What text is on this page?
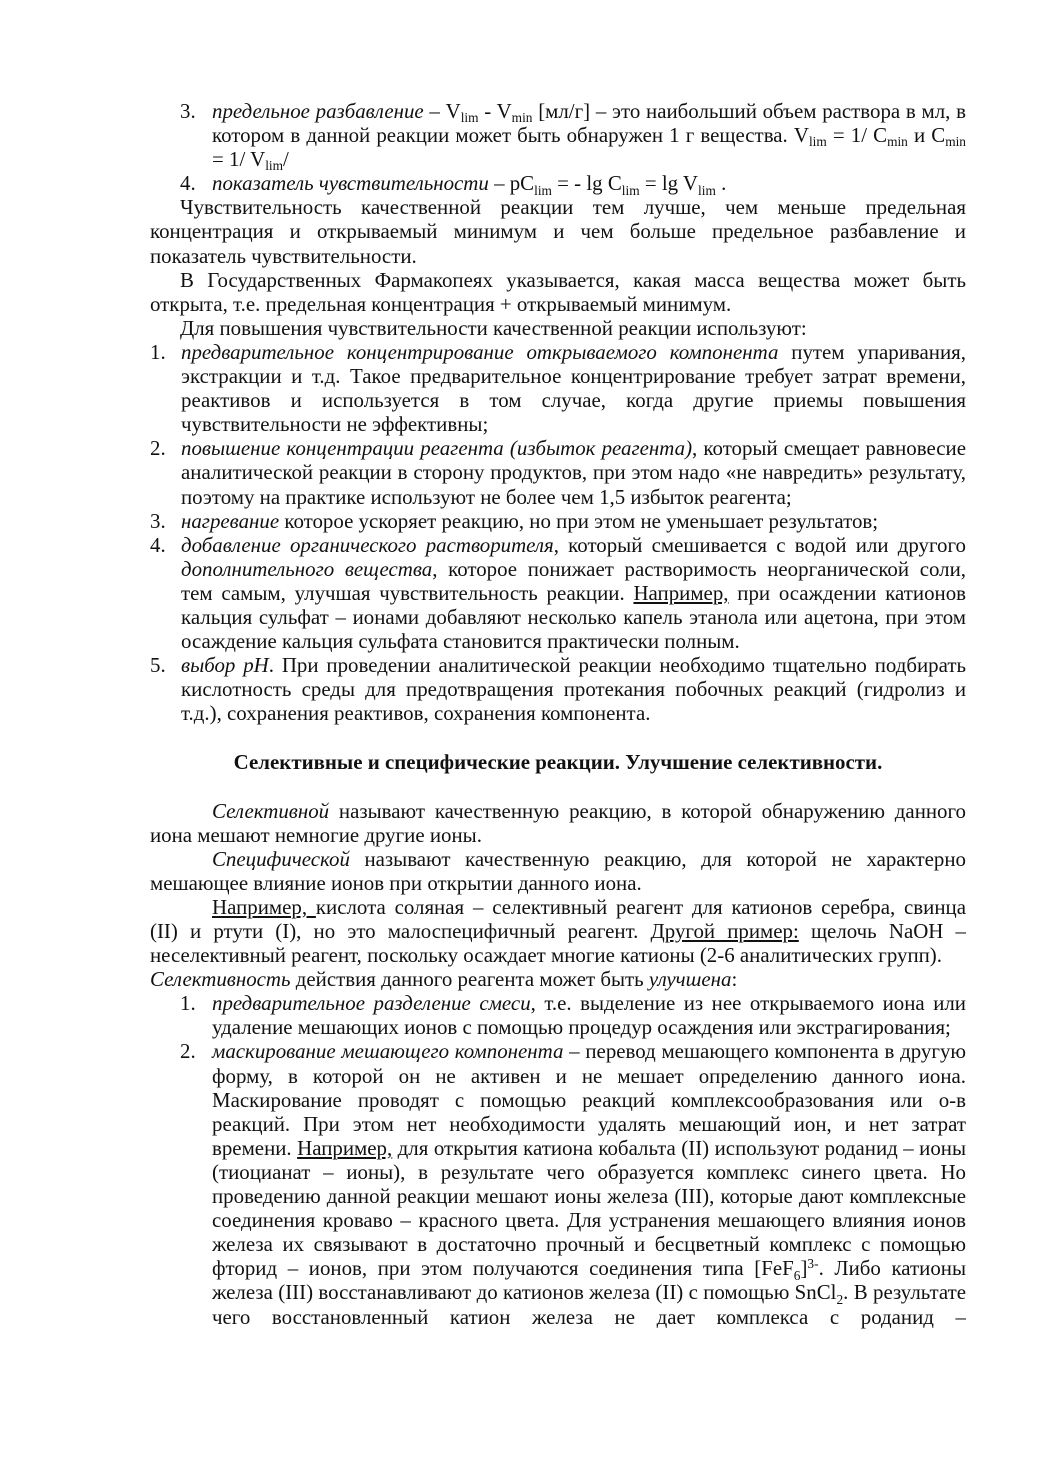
3. предельное разбавление – $V_{lim} - V_{min}$ [мл/г] – это наибольший объем раствора в мл, в котором в данной реакции может быть обнаружен 1 г вещества. $V_{lim} = 1/$ $C_{min}$ и $C_{min} = 1/$ $V_{lim}/$
4. показатель чувствительности – $pC_{lim}$ = - $\lg C_{lim} = \lg V_{lim}$ .

Чувствительность качественной реакции тем лучше, чем меньше предельная концентрация и открываемый минимум и чем больше предельное разбавление и показатель чувствительности.

В Государственных Фармакопеях указывается, какая масса вещества может быть открыта, т.е. предельная концентрация + открываемый минимум.

Для повышения чувствительности качественной реакции используют:

1. предварительное концентрирование открываемого компонента путем упаривания, экстракции и т.д. Такое предварительное концентрирование требует затрат времени, реактивов и используется в том случае, когда другие приемы повышения чувствительности не эффективны;
2. повышение концентрации реагента (избыток реагента), который смещает равновесие аналитической реакции в сторону продуктов, при этом надо «не навредить» результату, поэтому на практике используют не более чем 1,5 избыток реагента;
3. нагревание которое ускоряет реакцию, но при этом не уменьшает результатов;
4. добавление органического растворителя, который смешивается с водой или другого дополнительного вещества, которое понижает растворимость неорганической соли, тем самым, улучшая чувствительность реакции. Например, при осаждении катионов кальция сульфат – ионами добавляют несколько капель этанола или ацетона, при этом осаждение кальция сульфата становится практически полным.
5. выбор pH. При проведении аналитической реакции необходимо тщательно подбирать кислотность среды для предотвращения протекания побочных реакций (гидролиз и т.д.), сохранения реактивов, сохранения компонента.

Селективные и специфические реакции. Улучшение селективности.

Селективной называют качественную реакцию, в которой обнаружению данного иона мешают немногие другие ионы.

Специфической называют качественную реакцию, для которой не характерно мешающее влияние ионов при открытии данного иона.

Например, кислота соляная – селективный реагент для катионов серебра, свинца (II) и ртути (I), но это малоспецифичный реагент. Другой пример: щелочь NaOH – неселективный реагент, поскольку осаждает многие катионы (2-6 аналитических групп).

Селективность действия данного реагента может быть улучшена:

1. предварительное разделение смеси, т.е. выделение из нее открываемого иона или удаление мешающих ионов с помощью процедур осаждения или экстрагирования;
2. маскирование мешающего компонента – перевод мешающего компонента в другую форму, в которой он не активен и не мешает определению данного иона. Маскирование проводят с помощью реакций комплексообразования или о-в реакций. При этом нет необходимости удалять мешающий ион, и нет затрат времени. Например, для открытия катиона кобальта (II) используют роданид – ионы (тиоцианат – ионы), в результате чего образуется комплекс синего цвета. Но проведению данной реакции мешают ионы железа (III), которые дают комплексные соединения кроваво – красного цвета. Для устранения мешающего влияния ионов железа их связывают в достаточно прочный и бесцветный комплекс с помощью фторид – ионов, при этом получаются соединения типа $[FeF_6]^{3-}$. Либо катионы железа (III) восстанавливают до катионов железа (II) с помощью SnCl$_2$. В результате чего восстановленный катион железа не дает комплекса с роданид –
